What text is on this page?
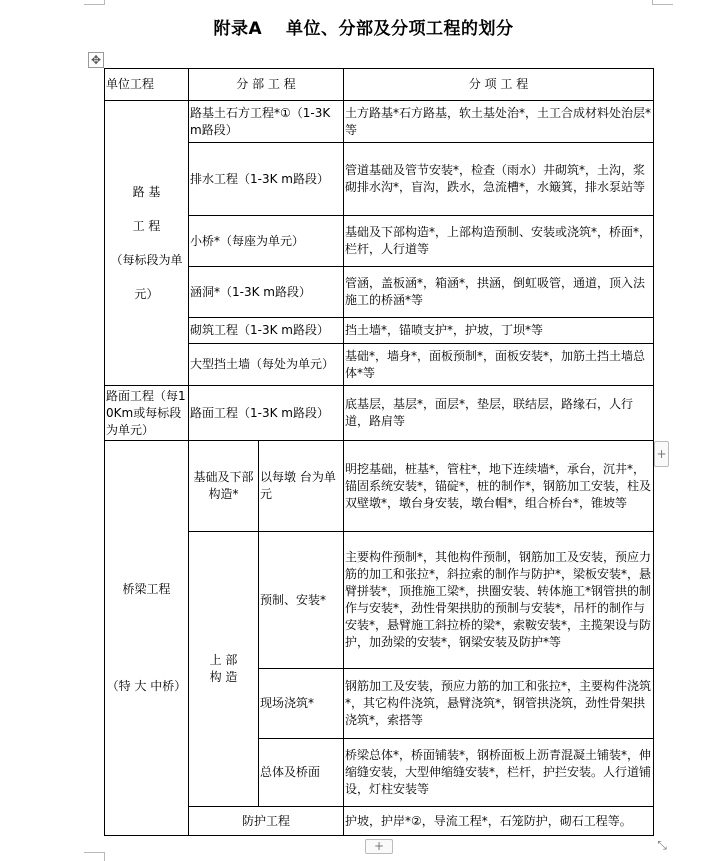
附录A　 单位、分部及分项工程的划分
✥
单位工程	分 部 工 程		分 项 工 程

路 基
工 程
（每标段为单元）	路基土石方工程*①（1-3K m路段）		土方路基*石方路基，软土基处治*，土工合成材料处治层*等
	排水工程（1-3K m路段）		管道基础及管节安装*，检查（雨水）井砌筑*，土沟，浆砌排水沟*，盲沟，跌水，急流槽*，水簸箕，排水泵站等
	小桥*（每座为单元）		基础及下部构造*，上部构造预制、安装或浇筑*，桥面*，栏杆，人行道等
	涵洞*（1-3K m路段）		管涵，盖板涵*，箱涵*，拱涵，倒虹吸管，通道，顶入法施工的桥涵*等
	砌筑工程（1-3K m路段）		挡土墙*，锚喷支护*，护坡，丁坝*等
	大型挡土墙（每处为单元）		基础*，墙身*，面板预制*，面板安装*，加筋土挡土墙总体*等
路面工程（每10Km或每标段为单元）	路面工程（1-3K m路段）		底基层，基层*，面层*，垫层，联结层，路缘石，人行道，路肩等

桥梁工程
（特 大 中桥）	基础及下部构造*	以每墩 台为单元	明挖基础，桩基*，管柱*，地下连续墙*，承台，沉井*，锚固系统安装*，锚碇*，桩的制作*，钢筋加工安装，柱及双壁墩*，墩台身安装，墩台帽*，组合桥台*，锥坡等

	上 部 构 造	预制、安装*	主要构件预制*，其他构件预制，钢筋加工及安装，预应力筋的加工和张拉*，斜拉索的制作与防护*，梁板安装*，悬臂拼装*，顶推施工梁*，拱圈安装、转体施工*钢管拱的制作与安装*，劲性骨架拱肋的预制与安装*，吊杆的制作与安装*，悬臂施工斜拉桥的梁*，索鞍安装*，主揽架设与防护，加劲梁的安装*，钢梁安装及防护*等
		现场浇筑*	钢筋加工及安装，预应力筋的加工和张拉*，主要构件浇筑*，其它构件浇筑，悬臂浇筑*，钢管拱浇筑，劲性骨架拱浇筑*，索搭等
		总体及桥面	桥梁总体*，桥面铺装*，钢桥面板上沥青混凝土铺装*，伸缩缝安装，大型伸缩缝安装*，栏杆，护拦安装。人行道铺设，灯柱安装等
	防护工程		护坡，护岸*②，导流工程*，石笼防护，砌石工程等。
+
+	⤡
